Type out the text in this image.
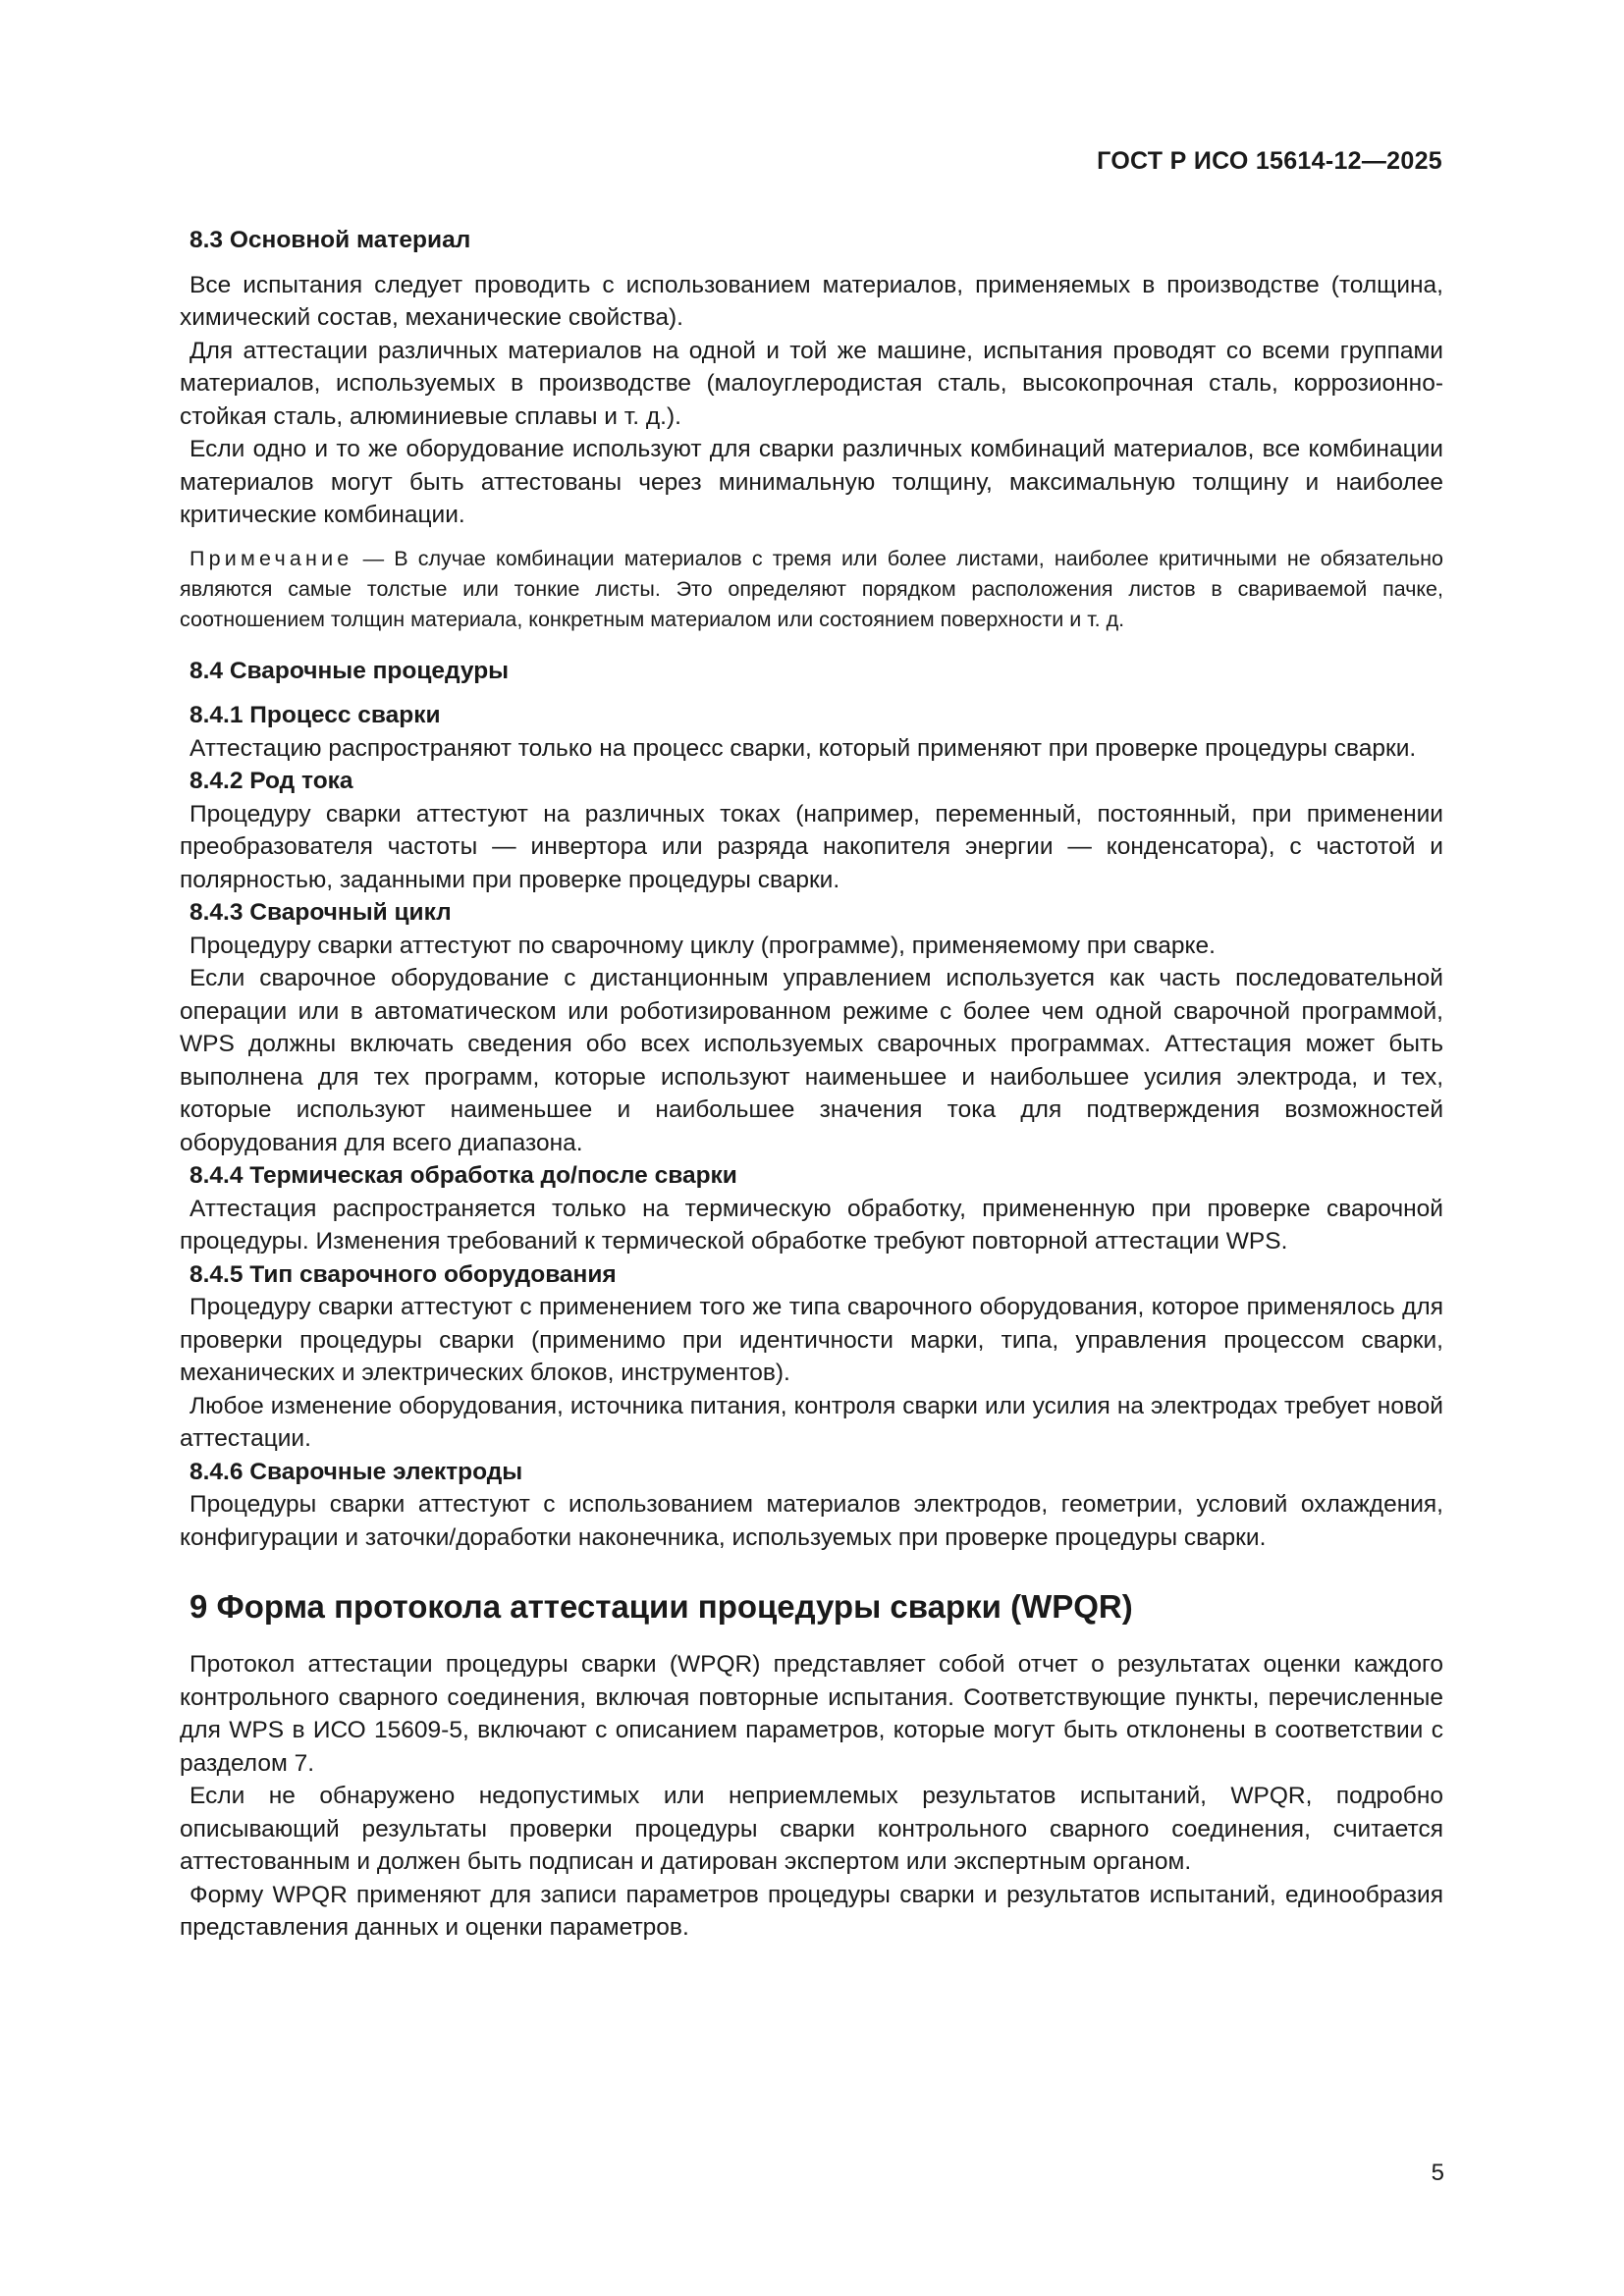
ГОСТ Р ИСО 15614-12—2025
8.3 Основной материал

Все испытания следует проводить с использованием материалов, применяемых в производстве (толщина, химический состав, механические свойства).

Для аттестации различных материалов на одной и той же машине, испытания проводят со всеми группами материалов, используемых в производстве (малоуглеродистая сталь, высокопрочная сталь, коррозионно-стойкая сталь, алюминиевые сплавы и т. д.).

Если одно и то же оборудование используют для сварки различных комбинаций материалов, все комбинации материалов могут быть аттестованы через минимальную толщину, максимальную толщину и наиболее критические комбинации.

Примечание — В случае комбинации материалов с тремя или более листами, наиболее критичными не обязательно являются самые толстые или тонкие листы. Это определяют порядком расположения листов в свариваемой пачке, соотношением толщин материала, конкретным материалом или состоянием поверхности и т. д.
8.4 Сварочные процедуры
8.4.1 Процесс сварки

Аттестацию распространяют только на процесс сварки, который применяют при проверке процедуры сварки.

8.4.2 Род тока

Процедуру сварки аттестуют на различных токах (например, переменный, постоянный, при применении преобразователя частоты — инвертора или разряда накопителя энергии — конденсатора), с частотой и полярностью, заданными при проверке процедуры сварки.

8.4.3 Сварочный цикл

Процедуру сварки аттестуют по сварочному циклу (программе), применяемому при сварке.

Если сварочное оборудование с дистанционным управлением используется как часть последовательной операции или в автоматическом или роботизированном режиме с более чем одной сварочной программой, WPS должны включать сведения обо всех используемых сварочных программах. Аттестация может быть выполнена для тех программ, которые используют наименьшее и наибольшее усилия электрода, и тех, которые используют наименьшее и наибольшее значения тока для подтверждения возможностей оборудования для всего диапазона.

8.4.4 Термическая обработка до/после сварки

Аттестация распространяется только на термическую обработку, примененную при проверке сварочной процедуры. Изменения требований к термической обработке требуют повторной аттестации WPS.

8.4.5 Тип сварочного оборудования

Процедуру сварки аттестуют с применением того же типа сварочного оборудования, которое применялось для проверки процедуры сварки (применимо при идентичности марки, типа, управления процессом сварки, механических и электрических блоков, инструментов).

Любое изменение оборудования, источника питания, контроля сварки или усилия на электродах требует новой аттестации.

8.4.6 Сварочные электроды

Процедуры сварки аттестуют с использованием материалов электродов, геометрии, условий охлаждения, конфигурации и заточки/доработки наконечника, используемых при проверке процедуры сварки.

9 Форма протокола аттестации процедуры сварки (WPQR)

Протокол аттестации процедуры сварки (WPQR) представляет собой отчет о результатах оценки каждого контрольного сварного соединения, включая повторные испытания. Соответствующие пункты, перечисленные для WPS в ИСО 15609-5, включают с описанием параметров, которые могут быть отклонены в соответствии с разделом 7.

Если не обнаружено недопустимых или неприемлемых результатов испытаний, WPQR, подробно описывающий результаты проверки процедуры сварки контрольного сварного соединения, считается аттестованным и должен быть подписан и датирован экспертом или экспертным органом.

Форму WPQR применяют для записи параметров процедуры сварки и результатов испытаний, единообразия представления данных и оценки параметров.

5
